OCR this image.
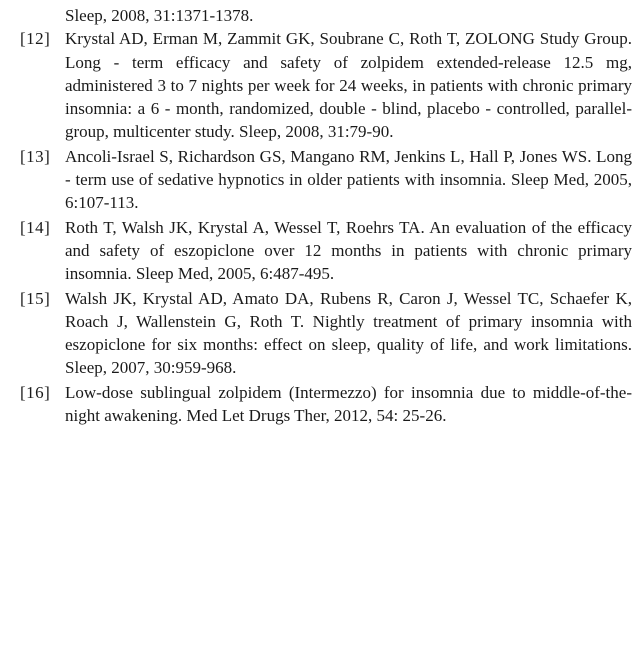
Sleep, 2008, 31:1371-1378.
[12] Krystal AD, Erman M, Zammit GK, Soubrane C, Roth T, ZOLONG Study Group. Long - term efficacy and safety of zolpidem extended-release 12.5 mg, administered 3 to 7 nights per week for 24 weeks, in patients with chronic primary insomnia: a 6 - month, randomized, double - blind, placebo - controlled, parallel-group, multicenter study. Sleep, 2008, 31:79-90.
[13] Ancoli-Israel S, Richardson GS, Mangano RM, Jenkins L, Hall P, Jones WS. Long - term use of sedative hypnotics in older patients with insomnia. Sleep Med, 2005, 6:107-113.
[14] Roth T, Walsh JK, Krystal A, Wessel T, Roehrs TA. An evaluation of the efficacy and safety of eszopiclone over 12 months in patients with chronic primary insomnia. Sleep Med, 2005, 6:487-495.
[15] Walsh JK, Krystal AD, Amato DA, Rubens R, Caron J, Wessel TC, Schaefer K, Roach J, Wallenstein G, Roth T. Nightly treatment of primary insomnia with eszopiclone for six months: effect on sleep, quality of life, and work limitations. Sleep, 2007, 30:959-968.
[16] Low-dose sublingual zolpidem (Intermezzo) for insomnia due to middle-of-the-night awakening. Med Let Drugs Ther, 2012, 54: 25-26.
